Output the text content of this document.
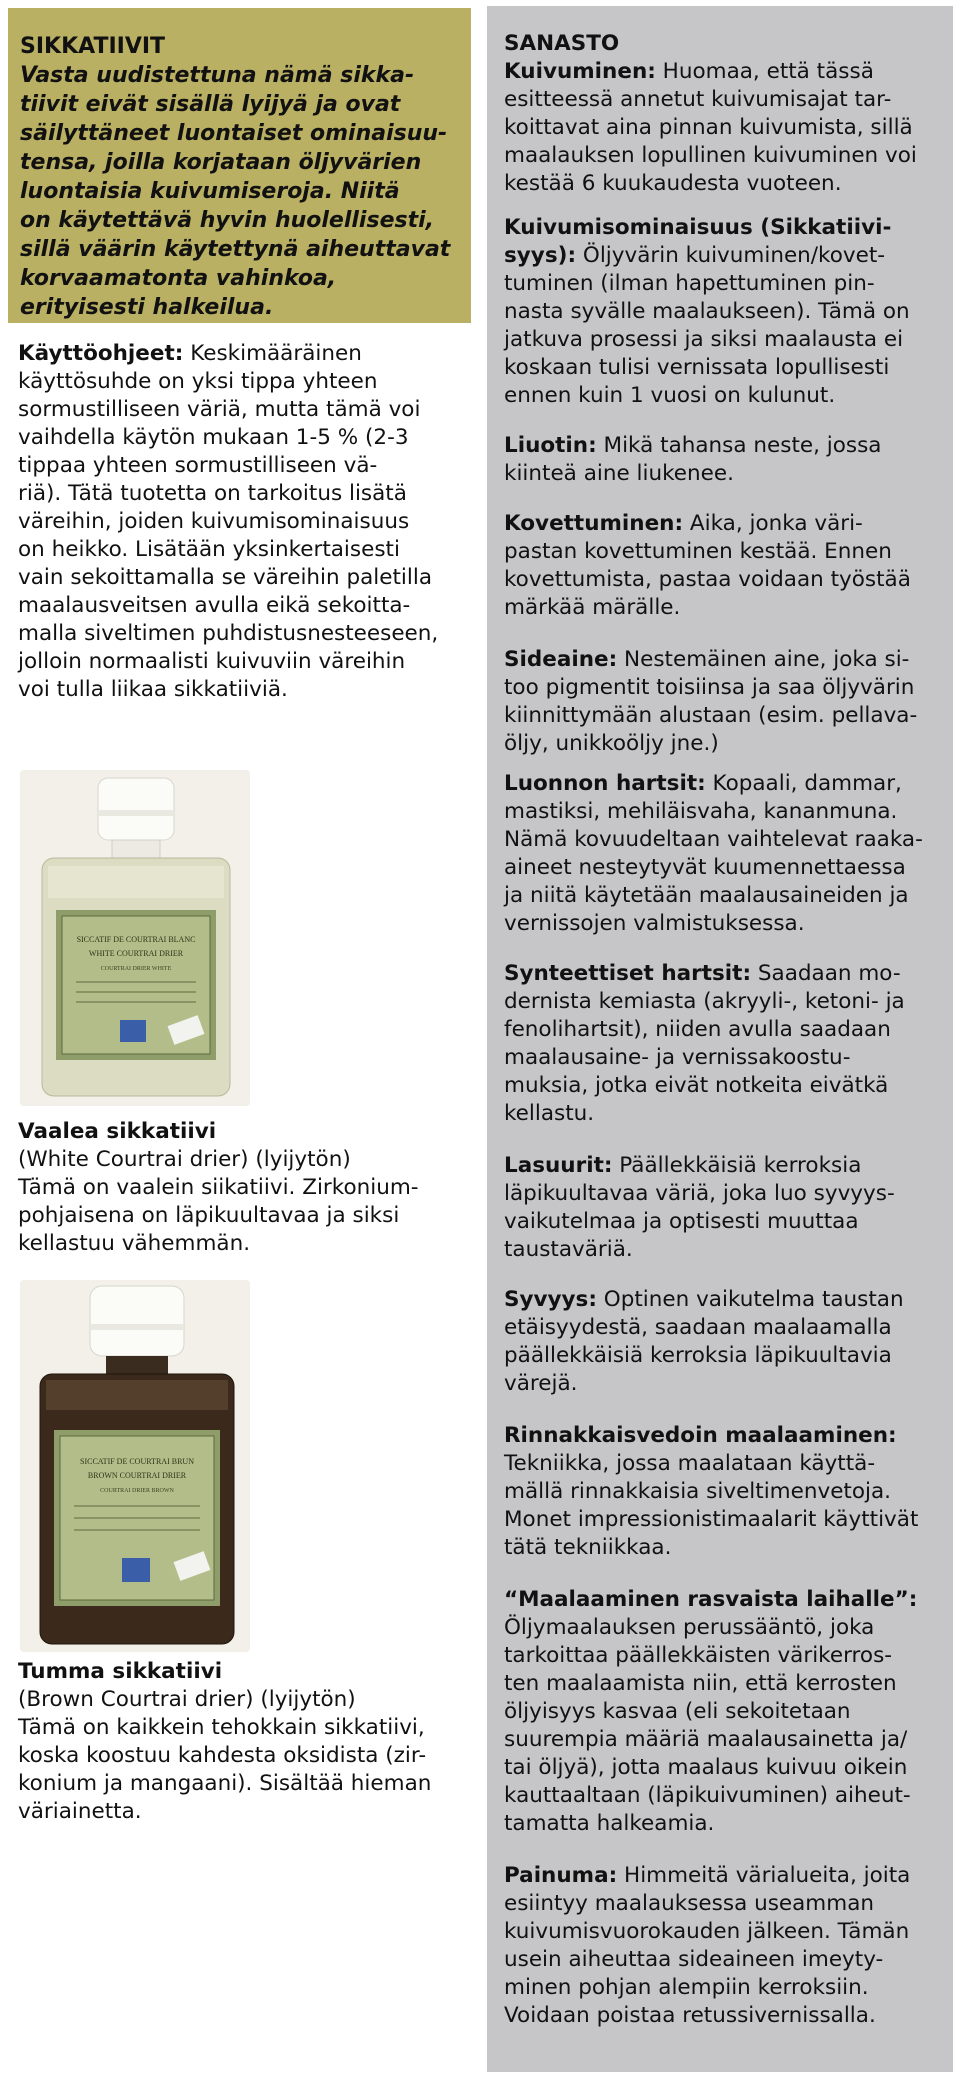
SIKKATIIVIT

Vasta uudistettuna nämä sikka-

tiivit eivät sisällä lyijyä ja ovat

säilyttäneet luontaiset ominaisuu-

tensa, joilla korjataan öljyvärien

luontaisia kuivumiseroja. Niitä

on käytettävä hyvin huolellisesti,

sillä väärin käytettynä aiheuttavat

korvaamatonta vahinkoa,

erityisesti halkeilua.

Käyttöohjeet: Keskimääräinen

käyttösuhde on yksi tippa yhteen

sormustilliseen väriä, mutta tämä voi

vaihdella käytön mukaan 1-5 % (2-3

tippaa yhteen sormustilliseen vä-

riä). Tätä tuotetta on tarkoitus lisätä

väreihin, joiden kuivumisominaisuus

on heikko. Lisätään yksinkertaisesti

vain sekoittamalla se väreihin paletilla

maalausveitsen avulla eikä sekoitta-

malla siveltimen puhdistusnesteeseen,

jolloin normaalisti kuivuviin väreihin

voi tulla liikaa sikkatiiviä.

SICCATIF DE COURTRAI BLANC
WHITE COURTRAI DRIER
COURTRAI DRIER WHITE

Vaalea sikkatiivi

(White Courtrai drier) (lyijytön)

Tämä on vaalein siikatiivi. Zirkonium-

pohjaisena on läpikuultavaa ja siksi

kellastuu vähemmän.

SICCATIF DE COURTRAI BRUN
BROWN COURTRAI DRIER
COURTRAI DRIER BROWN

Tumma sikkatiivi

(Brown Courtrai drier) (lyijytön)

Tämä on kaikkein tehokkain sikkatiivi,

koska koostuu kahdesta oksidista (zir-

konium ja mangaani). Sisältää hieman

väriainetta.

SANASTO

Kuivuminen: Huomaa, että tässä

esitteessä annetut kuivumisajat tar-

koittavat aina pinnan kuivumista, sillä

maalauksen lopullinen kuivuminen voi

kestää 6 kuukaudesta vuoteen.

Kuivumisominaisuus (Sikkatiivi-

syys): Öljyvärin kuivuminen/kovet-

tuminen (ilman hapettuminen pin-

nasta syvälle maalaukseen). Tämä on

jatkuva prosessi ja siksi maalausta ei

koskaan tulisi vernissata lopullisesti

ennen kuin 1 vuosi on kulunut.

Liuotin: Mikä tahansa neste, jossa

kiinteä aine liukenee.

Kovettuminen: Aika, jonka väri-

pastan kovettuminen kestää. Ennen

kovettumista, pastaa voidaan työstää

märkää märälle.

Sideaine: Nestemäinen aine, joka si-

too pigmentit toisiinsa ja saa öljyvärin

kiinnittymään alustaan (esim. pellava-

öljy, unikkoöljy jne.)

Luonnon hartsit: Kopaali, dammar,

mastiksi, mehiläisvaha, kananmuna.

Nämä kovuudeltaan vaihtelevat raaka-

aineet nesteytyvät kuumennettaessa

ja niitä käytetään maalausaineiden ja

vernissojen valmistuksessa.

Synteettiset hartsit: Saadaan mo-

dernista kemiasta (akryyli-, ketoni- ja

fenolihartsit), niiden avulla saadaan

maalausaine- ja vernissakoostu-

muksia, jotka eivät notkeita eivätkä

kellastu.

Lasuurit: Päällekkäisiä kerroksia

läpikuultavaa väriä, joka luo syvyys-

vaikutelmaa ja optisesti muuttaa

taustaväriä.

Syvyys: Optinen vaikutelma taustan

etäisyydestä, saadaan maalaamalla

päällekkäisiä kerroksia läpikuultavia

värejä.

Rinnakkaisvedoin maalaaminen:

Tekniikka, jossa maalataan käyttä-

mällä rinnakkaisia siveltimenvetoja.

Monet impressionistimaalarit käyttivät

tätä tekniikkaa.

“Maalaaminen rasvaista laihalle”:

Öljymaalauksen perussääntö, joka

tarkoittaa päällekkäisten värikerros-

ten maalaamista niin, että kerrosten

öljyisyys kasvaa (eli sekoitetaan

suurempia määriä maalausainetta ja/

tai öljyä), jotta maalaus kuivuu oikein

kauttaaltaan (läpikuivuminen) aiheut-

tamatta halkeamia.

Painuma: Himmeitä värialueita, joita

esiintyy maalauksessa useamman

kuivumisvuorokauden jälkeen. Tämän

usein aiheuttaa sideaineen imeyty-

minen pohjan alempiin kerroksiin.

Voidaan poistaa retussivernissalla.
